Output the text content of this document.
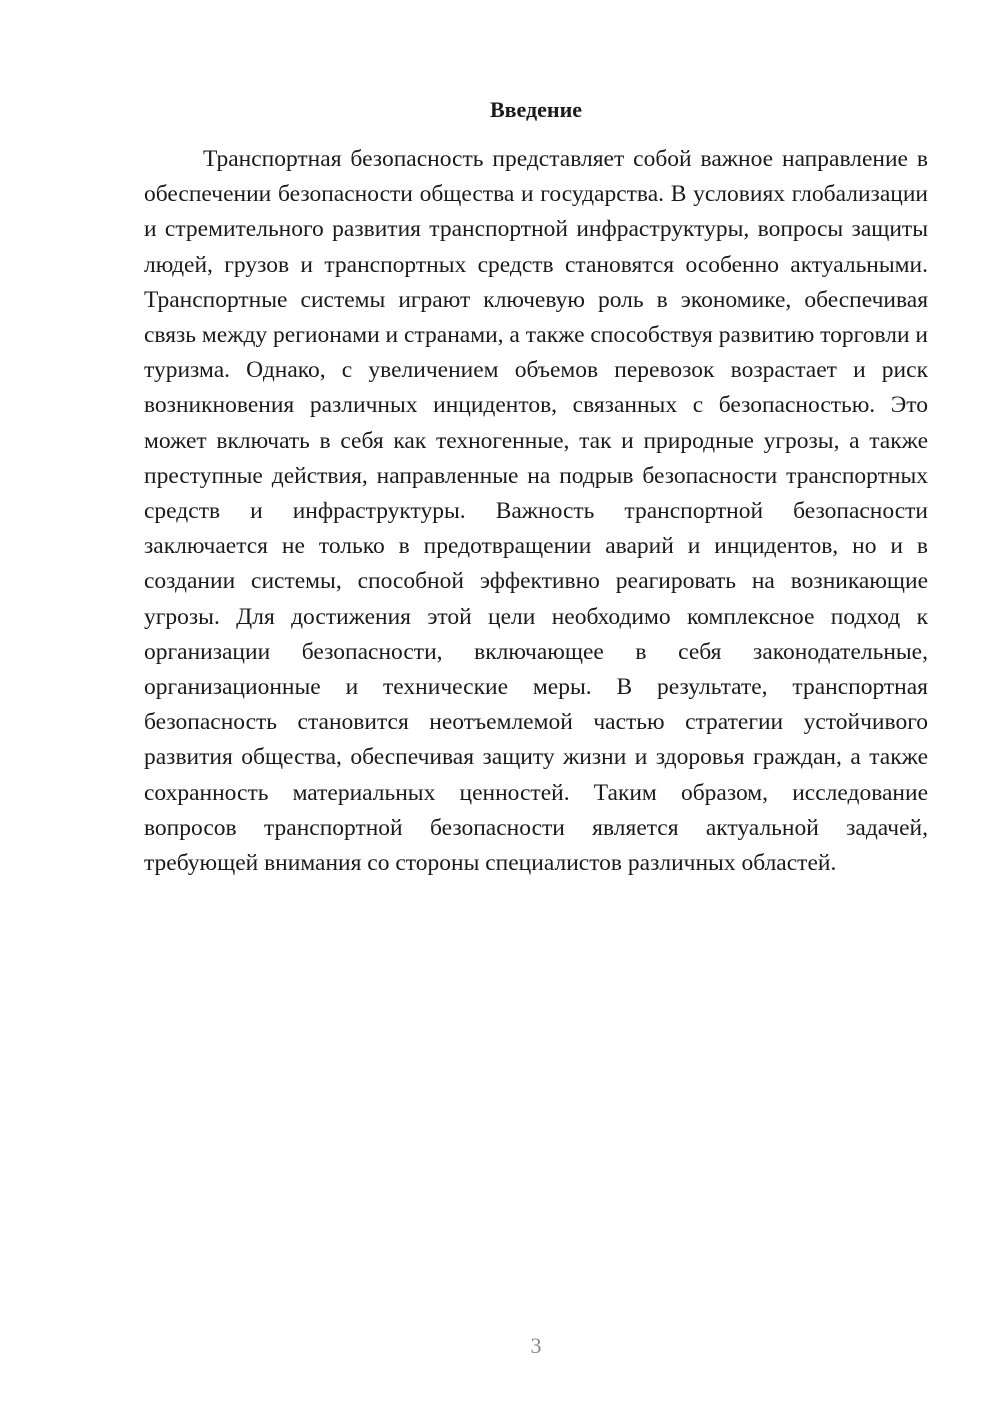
Введение

Транспортная безопасность представляет собой важное направление в обеспечении безопасности общества и государства. В условиях глобализации и стремительного развития транспортной инфраструктуры, вопросы защиты людей, грузов и транспортных средств становятся особенно актуальными. Транспортные системы играют ключевую роль в экономике, обеспечивая связь между регионами и странами, а также способствуя развитию торговли и туризма. Однако, с увеличением объемов перевозок возрастает и риск возникновения различных инцидентов, связанных с безопасностью. Это может включать в себя как техногенные, так и природные угрозы, а также преступные действия, направленные на подрыв безопасности транспортных средств и инфраструктуры. Важность транспортной безопасности заключается не только в предотвращении аварий и инцидентов, но и в создании системы, способной эффективно реагировать на возникающие угрозы. Для достижения этой цели необходимо комплексное подход к организации безопасности, включающее в себя законодательные, организационные и технические меры. В результате, транспортная безопасность становится неотъемлемой частью стратегии устойчивого развития общества, обеспечивая защиту жизни и здоровья граждан, а также сохранность материальных ценностей. Таким образом, исследование вопросов транспортной безопасности является актуальной задачей, требующей внимания со стороны специалистов различных областей.

3
